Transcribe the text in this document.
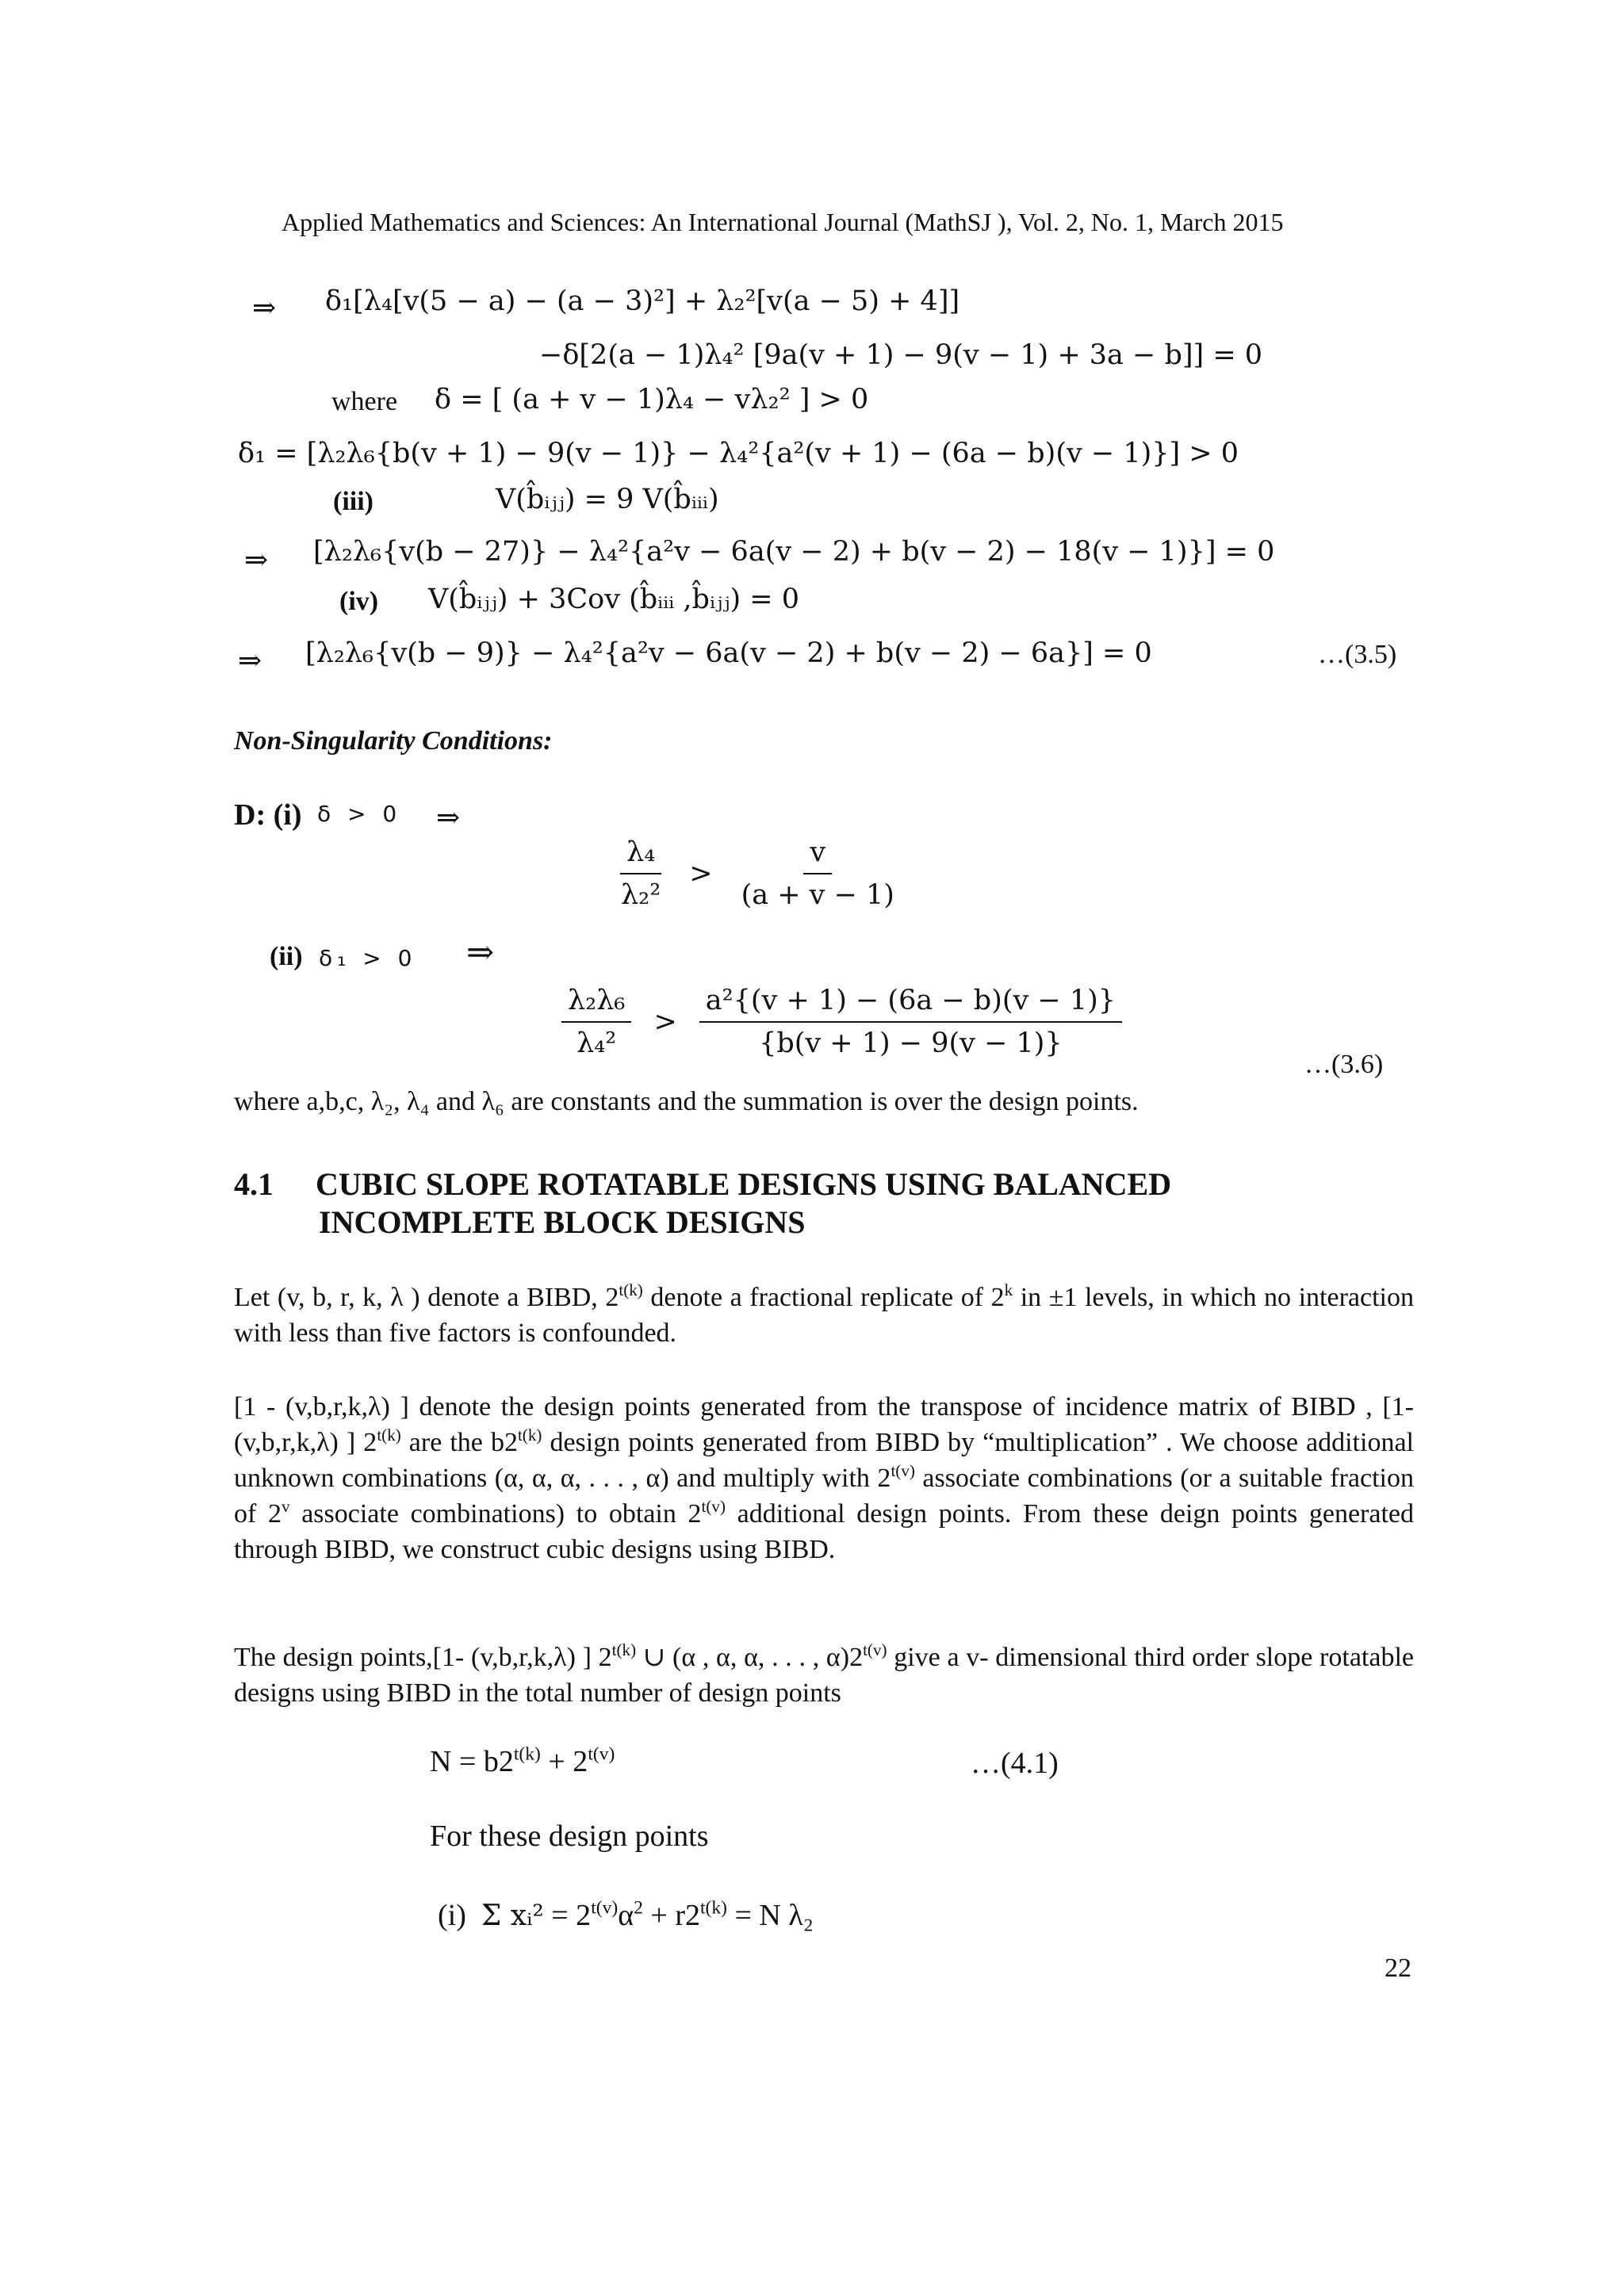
Applied Mathematics and Sciences: An International Journal (MathSJ ), Vol. 2, No. 1, March 2015
⇒ δ₁[λ₄[v(5 − a) − (a − 3)²] + λ₂²[v(a − 5) + 4]]
−δ[2(a − 1)λ₄² [9a(v + 1) − 9(v − 1) + 3a − b]] = 0
where δ = [ (a + v − 1)λ₄ − vλ₂² ] > 0
δ₁ = [λ₂λ₆{b(v + 1) − 9(v − 1)} − λ₄²{a²(v + 1) − (6a − b)(v − 1)}] > 0
(iii)	V(b̂ᵢⱼⱼ) = 9 V(b̂ᵢᵢᵢ)
⇒ [λ₂λ₆{v(b − 27)} − λ₄²{a²v − 6a(v − 2) + b(v − 2) − 18(v − 1)}] = 0
(iv) V(b̂ᵢⱼⱼ) + 3Cov (b̂ᵢᵢᵢ ,b̂ᵢⱼⱼ) = 0
⇒ [λ₂λ₆{v(b − 9)} − λ₄²{a²v − 6a(v − 2) + b(v − 2) − 6a}] = 0	…(3.5)
Non-Singularity Conditions:
D: (i) δ > 0 ⇒
$\frac{\text{λ₄}}{\text{λ₂²}} > \frac{v}{(a + v - 1)}$
(ii) δ₁ > 0 ⇒
$\frac{\text{λ₂λ₆}}{\text{λ₄²}} > \frac{\text{a²\{(v + 1) − (6a − b)(v − 1)\}}}{\{b(v + 1) - 9(v - 1)\}}$
…(3.6)
where a,b,c, λ₂, λ₄ and λ₆ are constants and the summation is over the design points.
4.1 CUBIC SLOPE ROTATABLE DESIGNS USING BALANCED
INCOMPLETE BLOCK DESIGNS
Let (v, b, r, k, λ ) denote a BIBD, $2^{t(k)}$ denote a fractional replicate of 2$^k$ in ±1 levels, in which no interaction with less than five factors is confounded.
[1 - (v,b,r,k,λ) ] denote the design points generated from the transpose of incidence matrix of BIBD , [1- (v,b,r,k,λ) ] $2^{t(k)}$ are the $b2^{t(k)}$ design points generated from BIBD by “multiplication” . We choose additional unknown combinations (α, α, α, . . . , α) and multiply with $2^{t(v)}$ associate combinations (or a suitable fraction of 2$^v$ associate combinations) to obtain $2^{t(v)}$ additional design points. From these deign points generated through BIBD, we construct cubic designs using BIBD.
The design points,[1- (v,b,r,k,λ) ] $2^{t(k)}$ ∪ (α , α, α, . . . , $\alpha)2^{t(v)}$ give a v- dimensional third order slope rotatable designs using BIBD in the total number of design points
$N = b2^{t(k)} + 2^{t(v)}$	…(4.1)
For these design points
(i) Σ xᵢ² = $2^{t(v)}\alpha^2 + r2^{t(k)} = N$ λ₂
22
